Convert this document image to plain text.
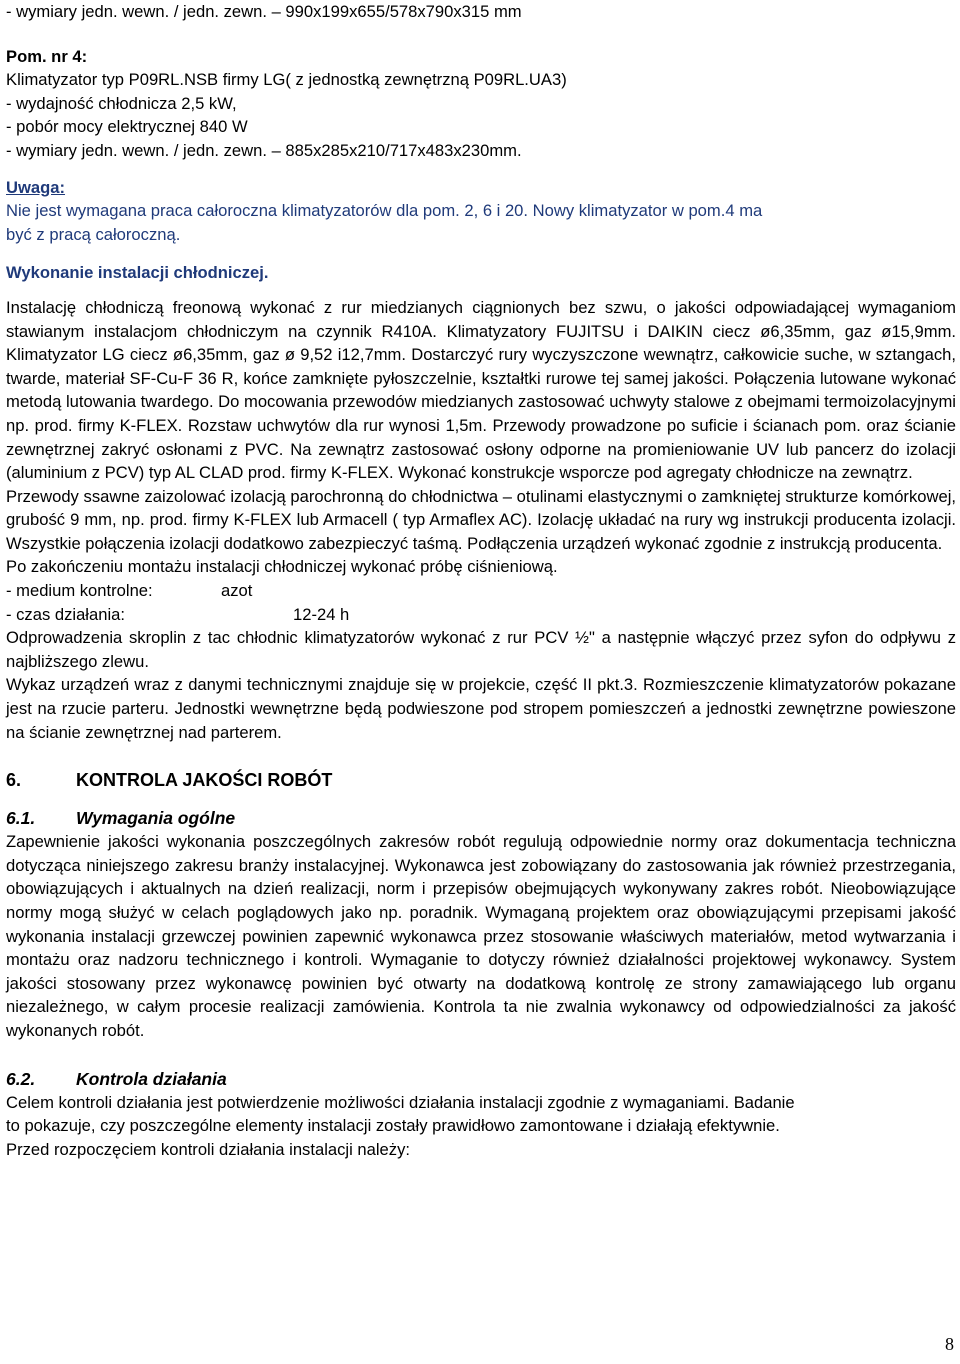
- wymiary jedn. wewn. / jedn. zewn. – 990x199x655/578x790x315 mm

Pom. nr 4:

Klimatyzator typ P09RL.NSB firmy LG( z jednostką zewnętrzną P09RL.UA3)

- wydajność chłodnicza 2,5 kW,

- pobór mocy elektrycznej 840 W

- wymiary jedn. wewn. / jedn. zewn. – 885x285x210/717x483x230mm.

Uwaga:

Nie jest wymagana praca całoroczna klimatyzatorów dla pom. 2, 6 i 20. Nowy klimatyzator w pom.4 ma

być z pracą całoroczną.

Wykonanie instalacji chłodniczej.

Instalację chłodniczą freonową wykonać z rur miedzianych ciągnionych bez szwu, o jakości odpowiadającej wymaganiom stawianym instalacjom chłodniczym na czynnik R410A. Klimatyzatory FUJITSU i DAIKIN ciecz ø6,35mm, gaz ø15,9mm. Klimatyzator LG ciecz ø6,35mm, gaz ø 9,52 i12,7mm. Dostarczyć rury wyczyszczone wewnątrz, całkowicie suche, w sztangach, twarde, materiał SF-Cu-F 36 R, końce zamknięte pyłoszczelnie, kształtki rurowe tej samej jakości. Połączenia lutowane wykonać metodą lutowania twardego. Do mocowania przewodów miedzianych zastosować uchwyty stalowe z obejmami termoizolacyjnymi np. prod. firmy K-FLEX. Rozstaw uchwytów dla rur wynosi 1,5m. Przewody prowadzone po suficie i ścianach pom. oraz ścianie zewnętrznej zakryć osłonami z PVC. Na zewnątrz zastosować osłony odporne na promieniowanie UV lub pancerz do izolacji (aluminium z PCV) typ AL CLAD prod. firmy K-FLEX. Wykonać konstrukcje wsporcze pod agregaty chłodnicze na zewnątrz.

Przewody ssawne zaizolować izolacją parochronną do chłodnictwa – otulinami elastycznymi o zamkniętej strukturze komórkowej, grubość 9 mm, np. prod. firmy K-FLEX lub Armacell ( typ Armaflex AC). Izolację układać na rury wg instrukcji producenta izolacji. Wszystkie połączenia izolacji dodatkowo zabezpieczyć taśmą. Podłączenia urządzeń wykonać zgodnie z instrukcją producenta.

Po zakończeniu montażu instalacji chłodniczej wykonać próbę ciśnieniową.

- medium kontrolne:	azot

- czas działania:	12-24 h

Odprowadzenia skroplin z tac chłodnic klimatyzatorów wykonać z rur PCV ½" a następnie włączyć przez syfon do odpływu z najbliższego zlewu.

Wykaz urządzeń wraz z danymi technicznymi znajduje się w projekcie, część II pkt.3. Rozmieszczenie klimatyzatorów pokazane jest na rzucie parteru. Jednostki wewnętrzne będą podwieszone pod stropem pomieszczeń a jednostki zewnętrzne powieszone na ścianie zewnętrznej nad parterem.

6.	KONTROLA JAKOŚCI ROBÓT

6.1. Wymagania ogólne

Zapewnienie jakości wykonania poszczególnych zakresów robót regulują odpowiednie normy oraz dokumentacja techniczna dotycząca niniejszego zakresu branży instalacyjnej. Wykonawca jest zobowiązany do zastosowania jak również przestrzegania, obowiązujących i aktualnych na dzień realizacji, norm i przepisów obejmujących wykonywany zakres robót. Nieobowiązujące normy mogą służyć w celach poglądowych jako np. poradnik. Wymaganą projektem oraz obowiązującymi przepisami jakość wykonania instalacji grzewczej powinien zapewnić wykonawca przez stosowanie właściwych materiałów, metod wytwarzania i montażu oraz nadzoru technicznego i kontroli. Wymaganie to dotyczy również działalności projektowej wykonawcy. System jakości stosowany przez wykonawcę powinien być otwarty na dodatkową kontrolę ze strony zamawiającego lub organu niezależnego, w całym procesie realizacji zamówienia. Kontrola ta nie zwalnia wykonawcy od odpowiedzialności za jakość wykonanych robót.

6.2. Kontrola działania

Celem kontroli działania jest potwierdzenie możliwości działania instalacji zgodnie z wymaganiami. Badanie

to pokazuje, czy poszczególne elementy instalacji zostały prawidłowo zamontowane i działają efektywnie.

Przed rozpoczęciem kontroli działania instalacji należy:

8
